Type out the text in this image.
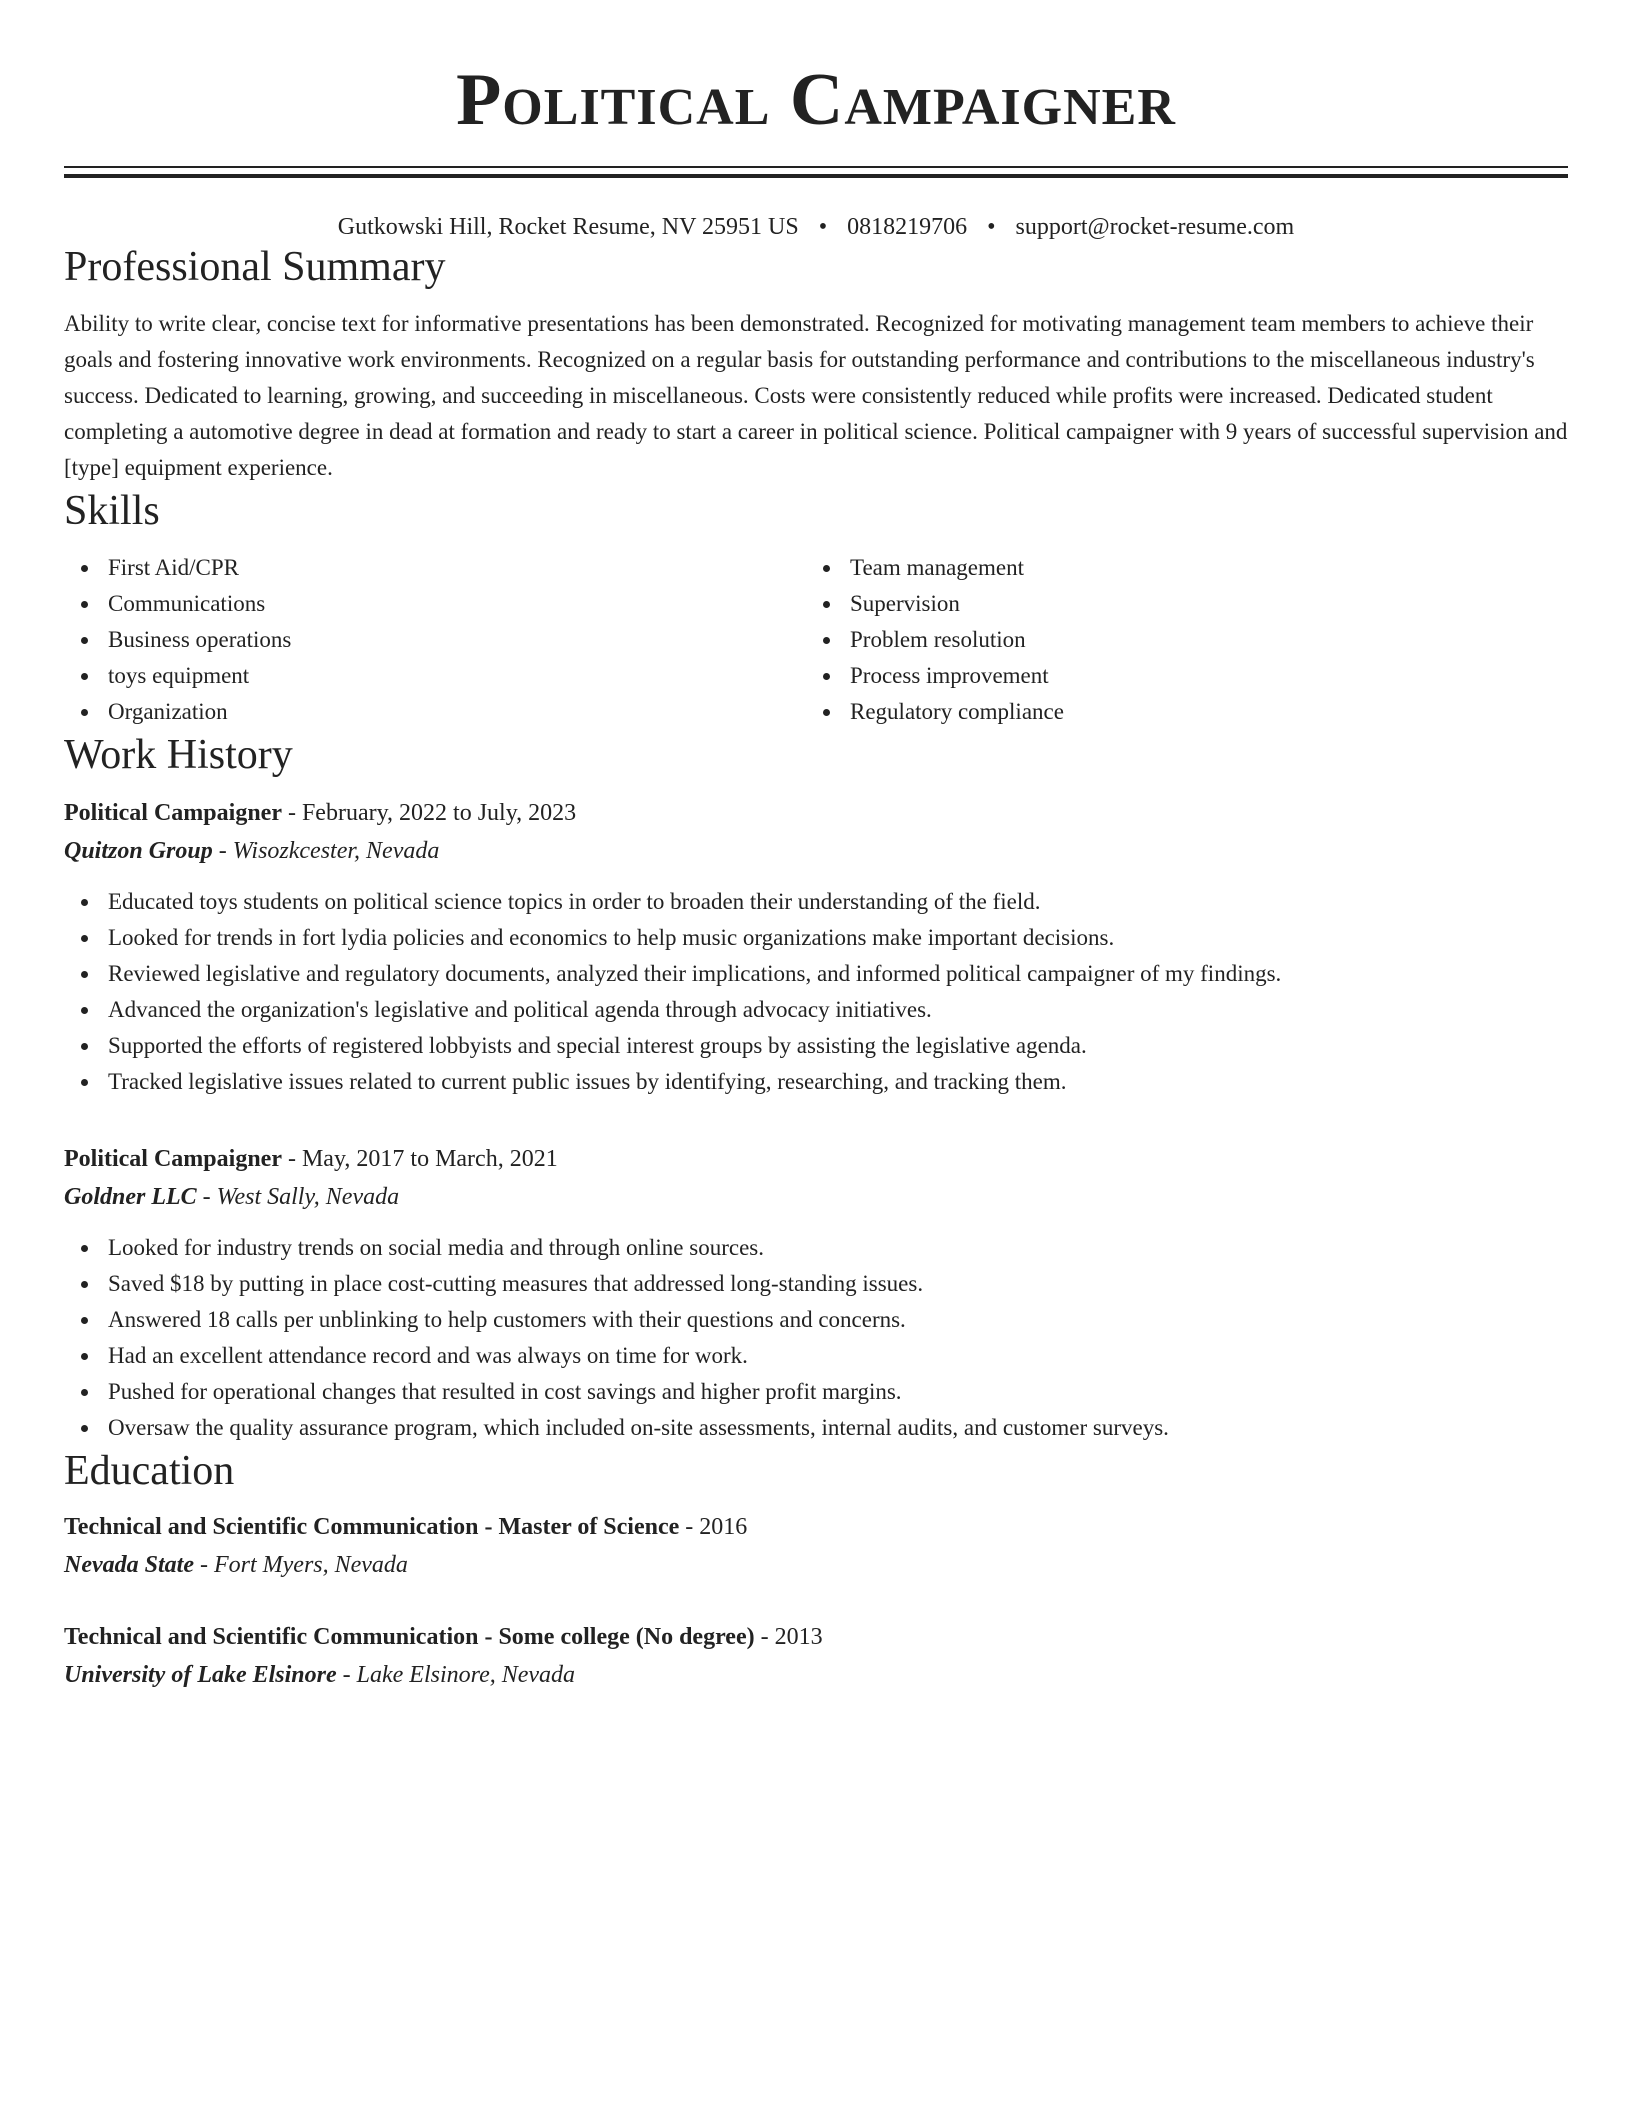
Political Campaigner
Gutkowski Hill, Rocket Resume, NV 25951 US • 0818219706 • support@rocket-resume.com
Professional Summary

Ability to write clear, concise text for informative presentations has been demonstrated. Recognized for motivating management team members to achieve their goals and fostering innovative work environments. Recognized on a regular basis for outstanding performance and contributions to the miscellaneous industry's success. Dedicated to learning, growing, and succeeding in miscellaneous. Costs were consistently reduced while profits were increased. Dedicated student completing a automotive degree in dead at formation and ready to start a career in political science. Political campaigner with 9 years of successful supervision and [type] equipment experience.

Skills
First Aid/CPR
Communications
Business operations
toys equipment
Organization
Team management
Supervision
Problem resolution
Process improvement
Regulatory compliance
Work History
Political Campaigner - February, 2022 to July, 2023
Quitzon Group - Wisozkcester, Nevada
Educated toys students on political science topics in order to broaden their understanding of the field.
Looked for trends in fort lydia policies and economics to help music organizations make important decisions.
Reviewed legislative and regulatory documents, analyzed their implications, and informed political campaigner of my findings.
Advanced the organization's legislative and political agenda through advocacy initiatives.
Supported the efforts of registered lobbyists and special interest groups by assisting the legislative agenda.
Tracked legislative issues related to current public issues by identifying, researching, and tracking them.
Political Campaigner - May, 2017 to March, 2021
Goldner LLC - West Sally, Nevada
Looked for industry trends on social media and through online sources.
Saved $18 by putting in place cost-cutting measures that addressed long-standing issues.
Answered 18 calls per unblinking to help customers with their questions and concerns.
Had an excellent attendance record and was always on time for work.
Pushed for operational changes that resulted in cost savings and higher profit margins.
Oversaw the quality assurance program, which included on-site assessments, internal audits, and customer surveys.
Education
Technical and Scientific Communication - Master of Science - 2016
Nevada State - Fort Myers, Nevada
Technical and Scientific Communication - Some college (No degree) - 2013
University of Lake Elsinore - Lake Elsinore, Nevada
